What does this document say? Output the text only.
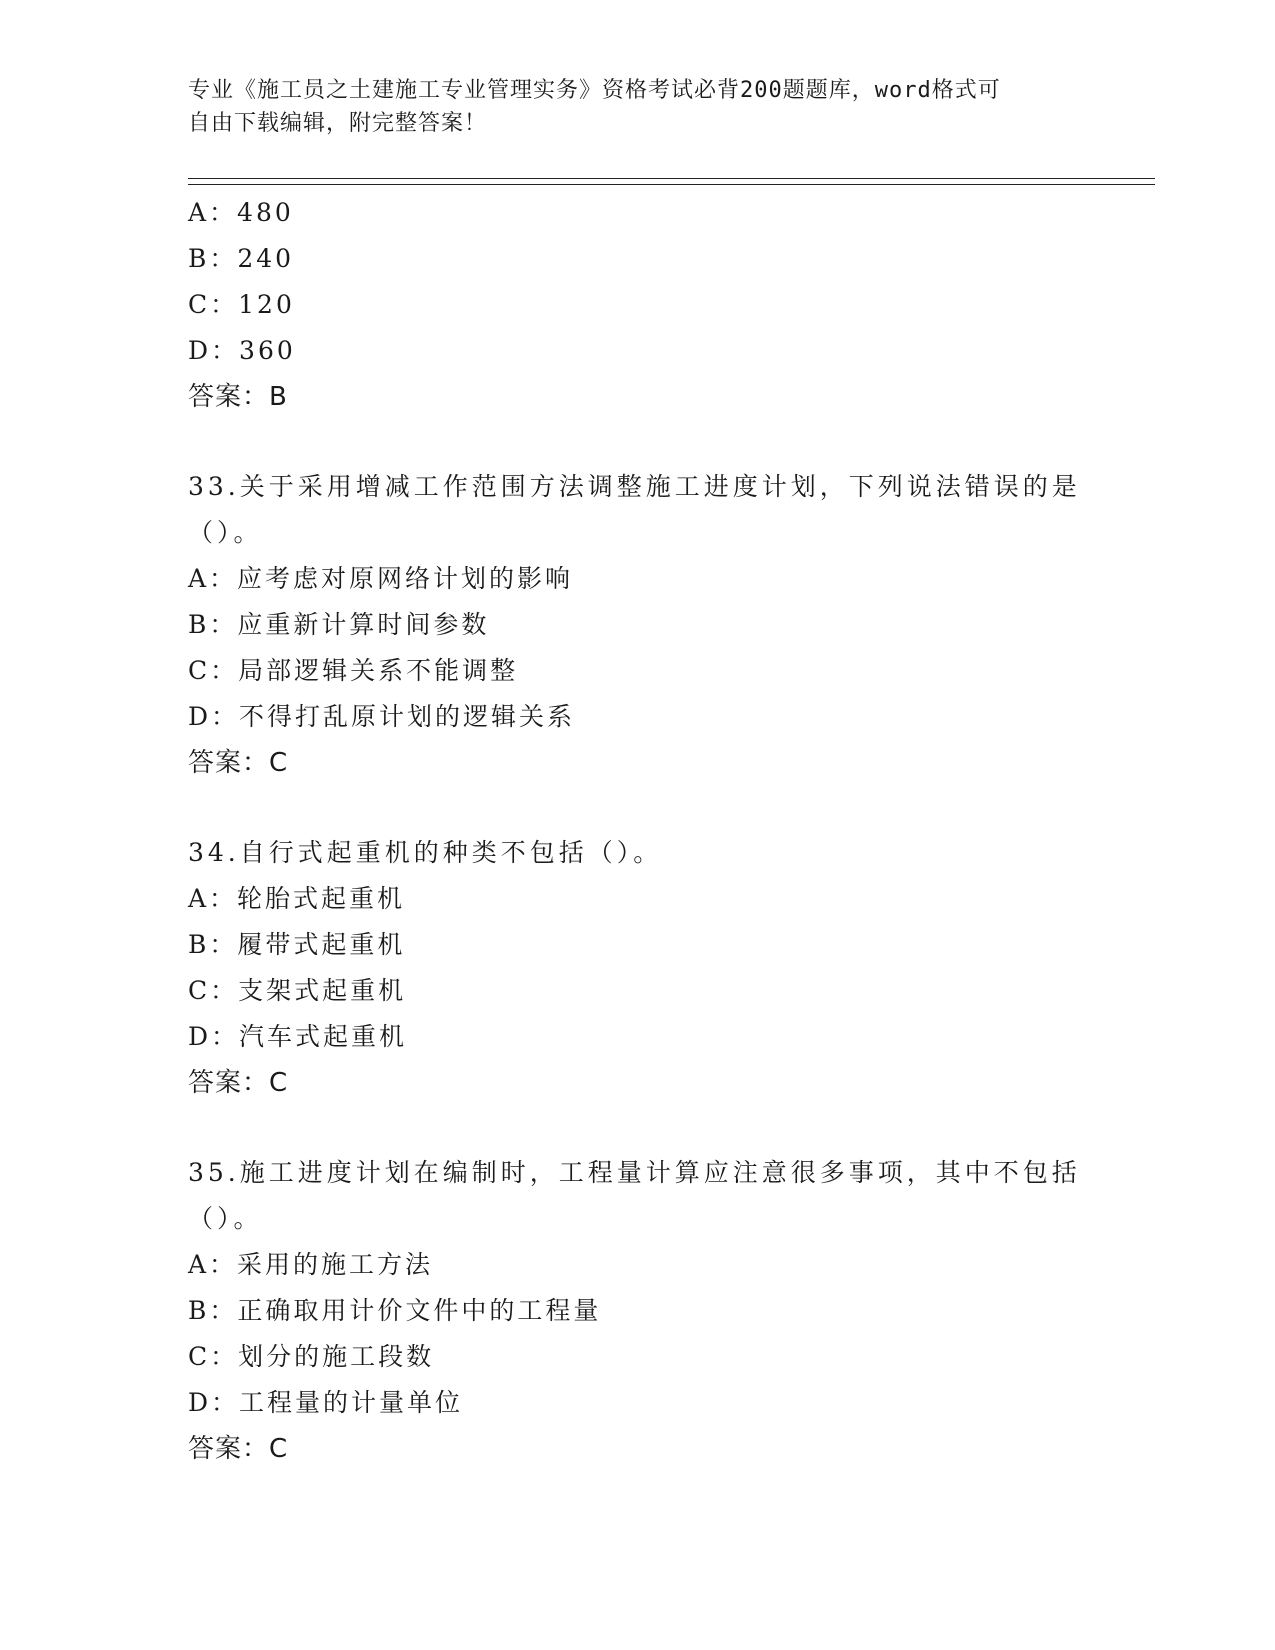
专业《施工员之土建施工专业管理实务》资格考试必背200题题库，word格式可
自由下载编辑，附完整答案！
A：480
B：240
C：120
D：360
答案：B
33.关于采用增减工作范围方法调整施工进度计划，下列说法错误的是
（）。
A：应考虑对原网络计划的影响
B：应重新计算时间参数
C：局部逻辑关系不能调整
D：不得打乱原计划的逻辑关系
答案：C
34.自行式起重机的种类不包括（）。
A：轮胎式起重机
B：履带式起重机
C：支架式起重机
D：汽车式起重机
答案：C
35.施工进度计划在编制时，工程量计算应注意很多事项，其中不包括
（）。
A：采用的施工方法
B：正确取用计价文件中的工程量
C：划分的施工段数
D：工程量的计量单位
答案：C
